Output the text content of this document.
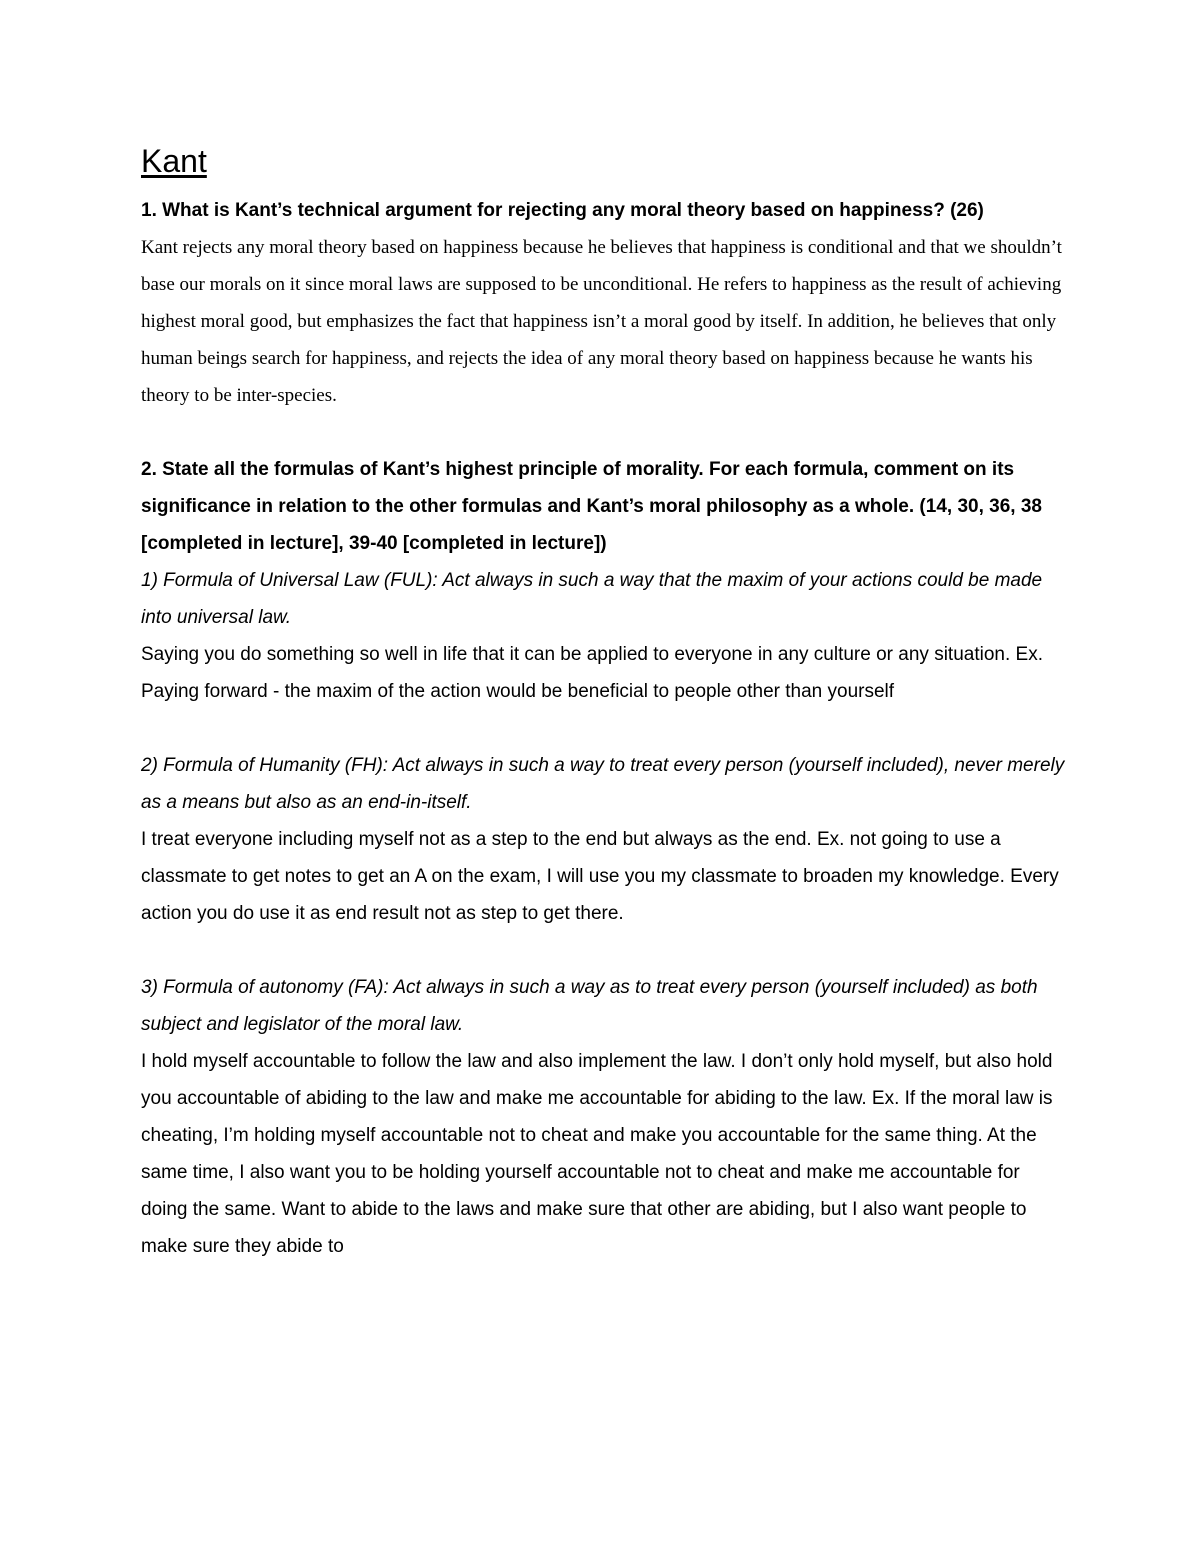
Kant

1. What is Kant’s technical argument for rejecting any moral theory based on happiness? (26)

Kant rejects any moral theory based on happiness because he believes that happiness is conditional and that we shouldn’t base our morals on it since moral laws are supposed to be unconditional. He refers to happiness as the result of achieving highest moral good, but emphasizes the fact that happiness isn’t a moral good by itself. In addition, he believes that only human beings search for happiness, and rejects the idea of any moral theory based on happiness because he wants his theory to be inter-species.

2. State all the formulas of Kant’s highest principle of morality. For each formula, comment on its significance in relation to the other formulas and Kant’s moral philosophy as a whole. (14, 30, 36, 38 [completed in lecture], 39-40 [completed in lecture])

1) Formula of Universal Law (FUL): Act always in such a way that the maxim of your actions could be made into universal law.

Saying you do something so well in life that it can be applied to everyone in any culture or any situation. Ex. Paying forward - the maxim of the action would be beneficial to people other than yourself

2) Formula of Humanity (FH): Act always in such a way to treat every person (yourself included), never merely as a means but also as an end-in-itself.

I treat everyone including myself not as a step to the end but always as the end. Ex. not going to use a classmate to get notes to get an A on the exam, I will use you my classmate to broaden my knowledge. Every action you do use it as end result not as step to get there.

3) Formula of autonomy (FA): Act always in such a way as to treat every person (yourself included) as both subject and legislator of the moral law.

I hold myself accountable to follow the law and also implement the law. I don’t only hold myself, but also hold you accountable of abiding to the law and make me accountable for abiding to the law. Ex. If the moral law is cheating, I’m holding myself accountable not to cheat and make you accountable for the same thing. At the same time, I also want you to be holding yourself accountable not to cheat and make me accountable for doing the same. Want to abide to the laws and make sure that other are abiding, but I also want people to make sure they abide to
